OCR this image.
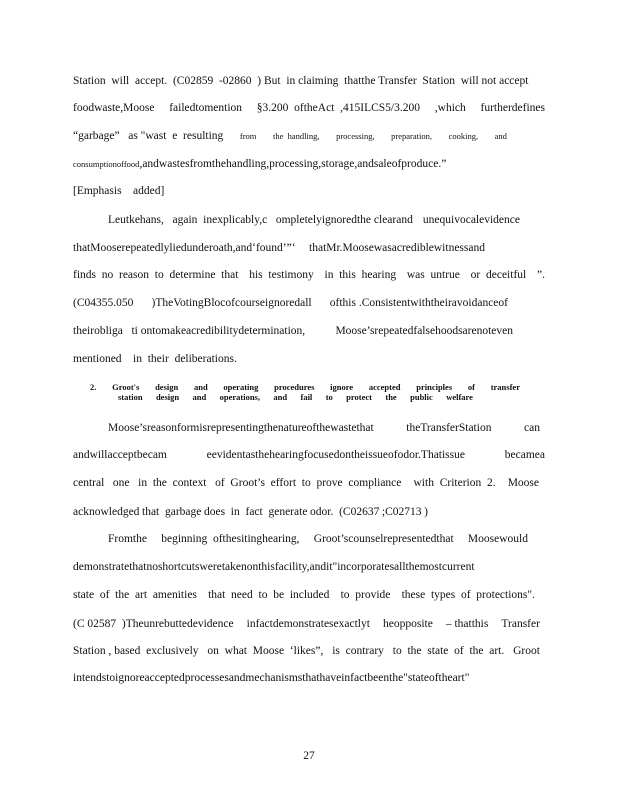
Station  will  accept.  (C02859  -02860  ) But  in claiming  that the Transfer  Station  will not accept
foodwaste,Moose failedtomention §3.200  oftheAct  ,415ILCS5/3.200 ,which furtherdefines
“garbage”   as "wast  e  resulting from the  handling, processing, preparation, cooking, and
consumptionoffood ,andwastesfromthehandling,processing,storage,andsaleofproduce.”
[Emphasis    added]
Leutkehans,   again  inexplicably,c   ompletelyignoredthe clearand unequivocalevidence
thatMooserepeatedlyliedunderoath,and‘found’”‘ thatMr.Moosewasacrediblewitnessand
finds  no  reason  to  determine  that his  testimony in  this  hearing was  untrue or  deceitful ”.
(C04355.050 )TheVotingBlocofcourseignoredall ofthis .Consistentwiththeiravoidanceof
theirobliga   ti ontomakeacredibilitydetermination,	Moose’srepeatedfalsehoodsarenoteven
mentioned    in  their  deliberations.
Moose’sreasonformisrepresentingthenatureofthewastethat	theTransferStation	can
andwillacceptbecam	eevidentasthehearingfocusedontheissueofodor.Thatissue	becamea
central   one   in  the  context   of  Groot’s  effort  to  prove  compliance with  Criterion  2. Moose
acknowledged that  garbage does  in  fact  generate odor.  (C02637 ;C02713 )
Fromthe beginning  ofthesitinghearing, Groot’scounselrepresentedthat Moosewould
demonstratethatnoshortcutsweretakenonthisfacility,andit"incorporatesallthemostcurrent
state  of  the  art  amenities that  need  to  be  included to  provide these  types  of  protections".
(C 02587  )Theunrebuttedevidence infactdemonstratesexactlyt heopposite – thatthis Transfer
Station , based  exclusively on  what  Moose  ‘likes”, is  contrary to  the  state  of  the  art. Groot
intendstoignoreacceptedprocessesandmechanismsthathaveinfactbeenthe"stateoftheart"
2. Groot's design and operating procedures ignore accepted principles of transfer
station design and operations, and fail to protect the public welfare
27
